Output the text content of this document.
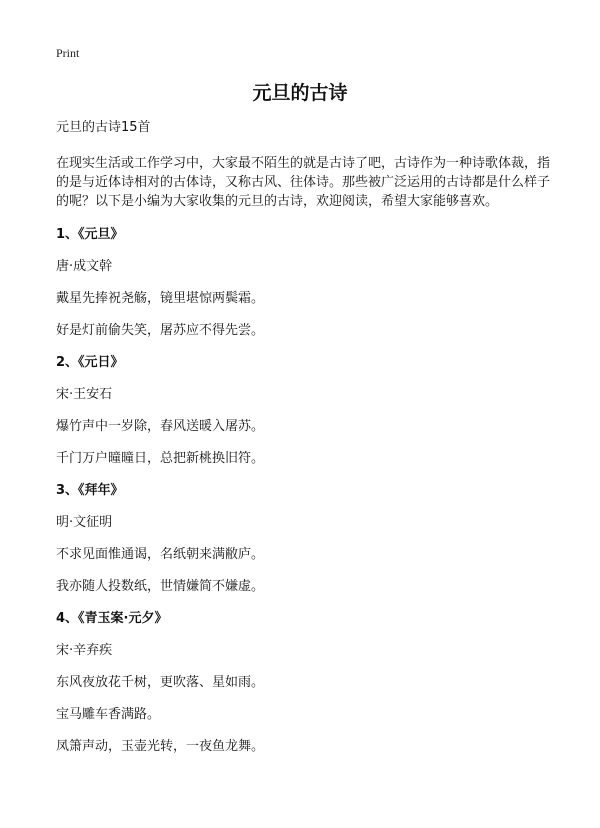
Print
元旦的古诗

元旦的古诗15首

在现实生活或工作学习中，大家最不陌生的就是古诗了吧，古诗作为一种诗歌体裁，指的是与近体诗相对的古体诗，又称古风、往体诗。那些被广泛运用的古诗都是什么样子的呢？以下是小编为大家收集的元旦的古诗，欢迎阅读，希望大家能够喜欢。

1、《元旦》

唐·成文幹

戴星先捧祝尧觞，镜里堪惊两鬓霜。

好是灯前偷失笑，屠苏应不得先尝。

2、《元日》

宋·王安石

爆竹声中一岁除，春风送暖入屠苏。

千门万户曈曈日，总把新桃换旧符。

3、《拜年》

明·文征明

不求见面惟通谒，名纸朝来满敝庐。

我亦随人投数纸，世情嫌简不嫌虚。

4、《青玉案·元夕》

宋·辛弃疾

东风夜放花千树，更吹落、星如雨。

宝马雕车香满路。

凤箫声动，玉壶光转，一夜鱼龙舞。
